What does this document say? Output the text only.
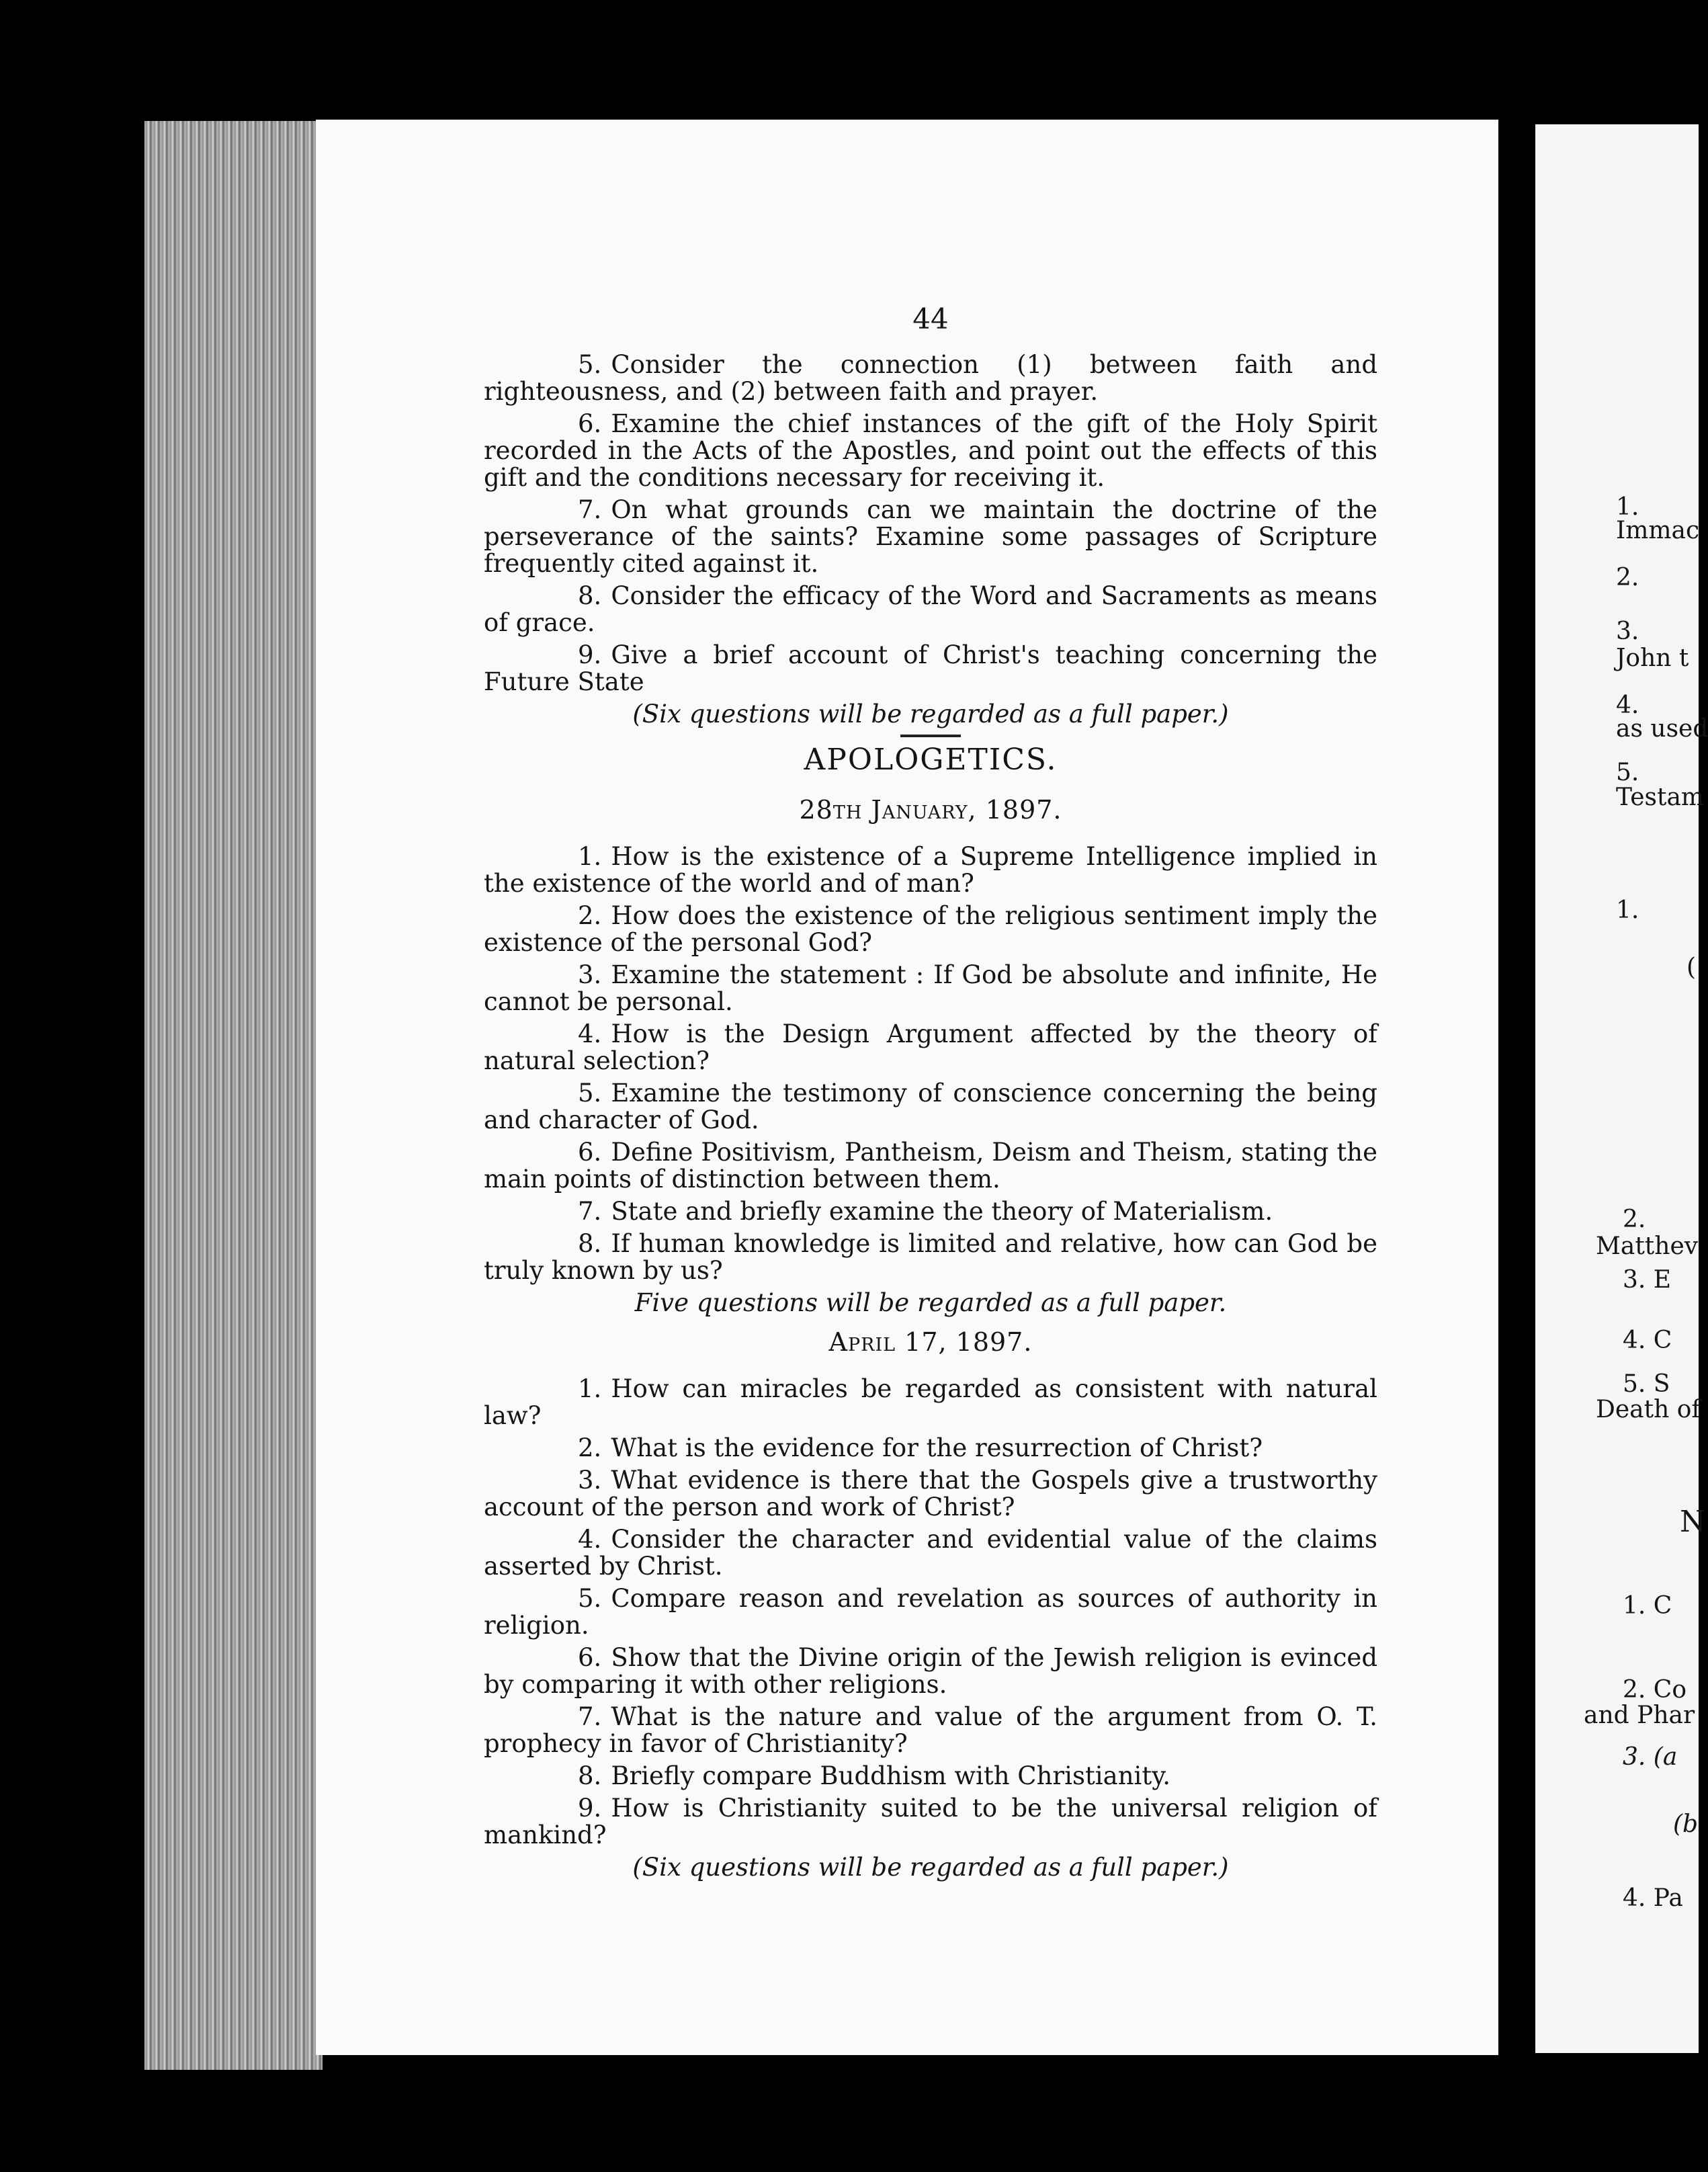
1.
Immac
2.
3.
John t
4.
as used
5.
Testam
1.
(
2.
Matthev
3. E
4. C
5. S
Death of
N
1. C
2. Co
and Phar
3. (a
(b
4. Pa
44

5. Consider the connection (1) between faith and righteousness, and (2) between faith and prayer.

6. Examine the chief instances of the gift of the Holy Spirit recorded in the Acts of the Apostles, and point out the effects of this gift and the conditions necessary for receiving it.

7. On what grounds can we maintain the doctrine of the perseverance of the saints? Examine some passages of Scripture frequently cited against it.

8. Consider the efficacy of the Word and Sacraments as means of grace.

9. Give a brief account of Christ's teaching concerning the Future State

(Six questions will be regarded as a full paper.)
APOLOGETICS.
28th January, 1897.

1. How is the existence of a Supreme Intelligence implied in the existence of the world and of man?

2. How does the existence of the religious sentiment imply the existence of the personal God?

3. Examine the statement : If God be absolute and infinite, He cannot be personal.

4. How is the Design Argument affected by the theory of natural selection?

5. Examine the testimony of conscience concerning the being and character of God.

6. Define Positivism, Pantheism, Deism and Theism, stating the main points of distinction between them.

7. State and briefly examine the theory of Materialism.

8. If human knowledge is limited and relative, how can God be truly known by us?

Five questions will be regarded as a full paper.
April 17, 1897.

1. How can miracles be regarded as consistent with natural law?

2. What is the evidence for the resurrection of Christ?

3. What evidence is there that the Gospels give a trustworthy account of the person and work of Christ?

4. Consider the character and evidential value of the claims asserted by Christ.

5. Compare reason and revelation as sources of authority in religion.

6. Show that the Divine origin of the Jewish religion is evinced by comparing it with other religions.

7. What is the nature and value of the argument from O. T. prophecy in favor of Christianity?

8. Briefly compare Buddhism with Christianity.

9. How is Christianity suited to be the universal religion of mankind?

(Six questions will be regarded as a full paper.)
